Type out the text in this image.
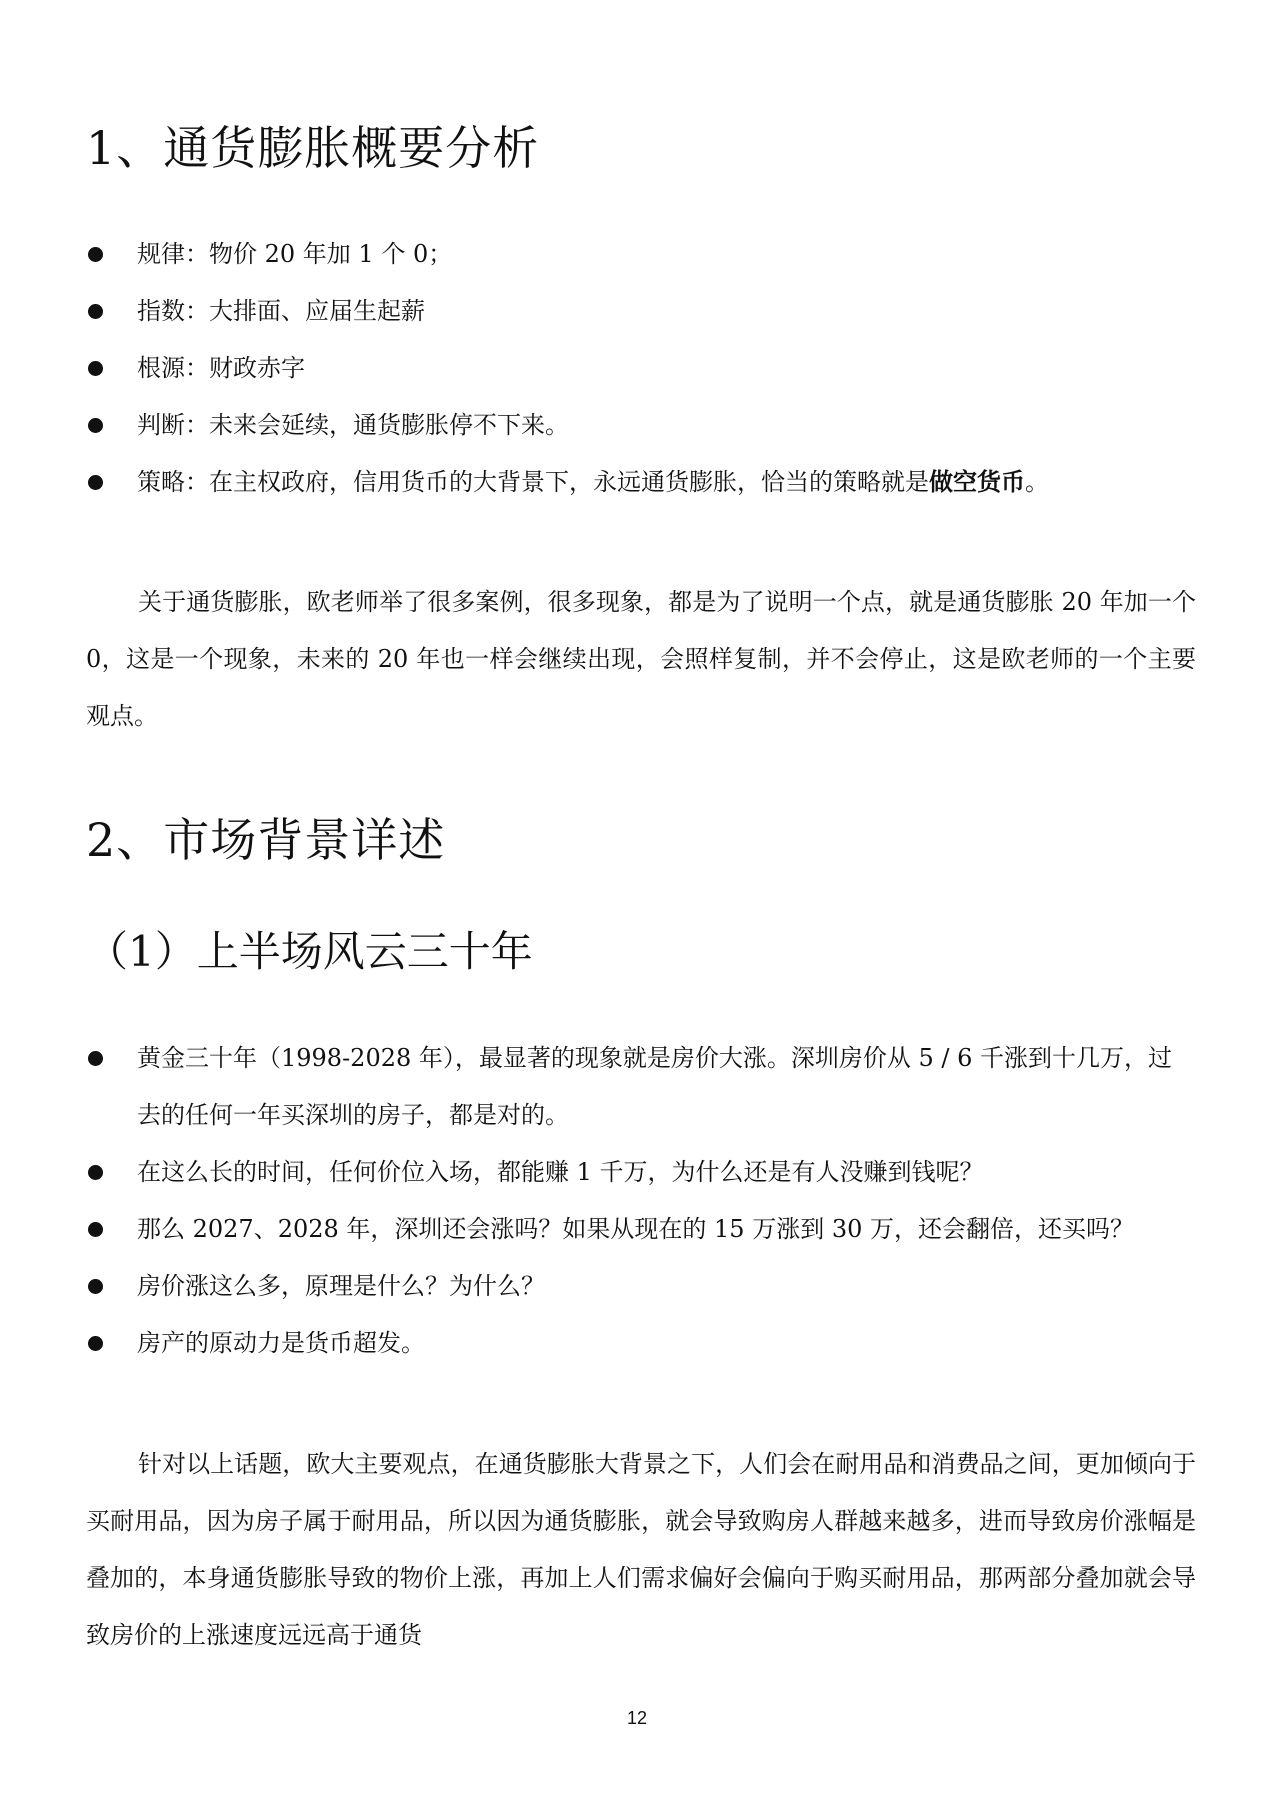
1、通货膨胀概要分析
规律：物价 20 年加 1 个 0；
指数：大排面、应届生起薪
根源：财政赤字
判断：未来会延续，通货膨胀停不下来。
策略：在主权政府，信用货币的大背景下，永远通货膨胀，恰当的策略就是做空货币。

关于通货膨胀，欧老师举了很多案例，很多现象，都是为了说明一个点，就是通货膨胀 20 年加一个 0，这是一个现象，未来的 20 年也一样会继续出现，会照样复制，并不会停止，这是欧老师的一个主要观点。

2、市场背景详述
（1）上半场风云三十年
黄金三十年（1998-2028 年），最显著的现象就是房价大涨。深圳房价从 5 / 6 千涨到十几万，过去的任何一年买深圳的房子，都是对的。
在这么长的时间，任何价位入场，都能赚 1 千万，为什么还是有人没赚到钱呢？
那么 2027、2028 年，深圳还会涨吗？如果从现在的 15 万涨到 30 万，还会翻倍，还买吗？
房价涨这么多，原理是什么？为什么？
房产的原动力是货币超发。

针对以上话题，欧大主要观点，在通货膨胀大背景之下，人们会在耐用品和消费品之间，更加倾向于买耐用品，因为房子属于耐用品，所以因为通货膨胀，就会导致购房人群越来越多，进而导致房价涨幅是叠加的，本身通货膨胀导致的物价上涨，再加上人们需求偏好会偏向于购买耐用品，那两部分叠加就会导致房价的上涨速度远远高于通货

12
